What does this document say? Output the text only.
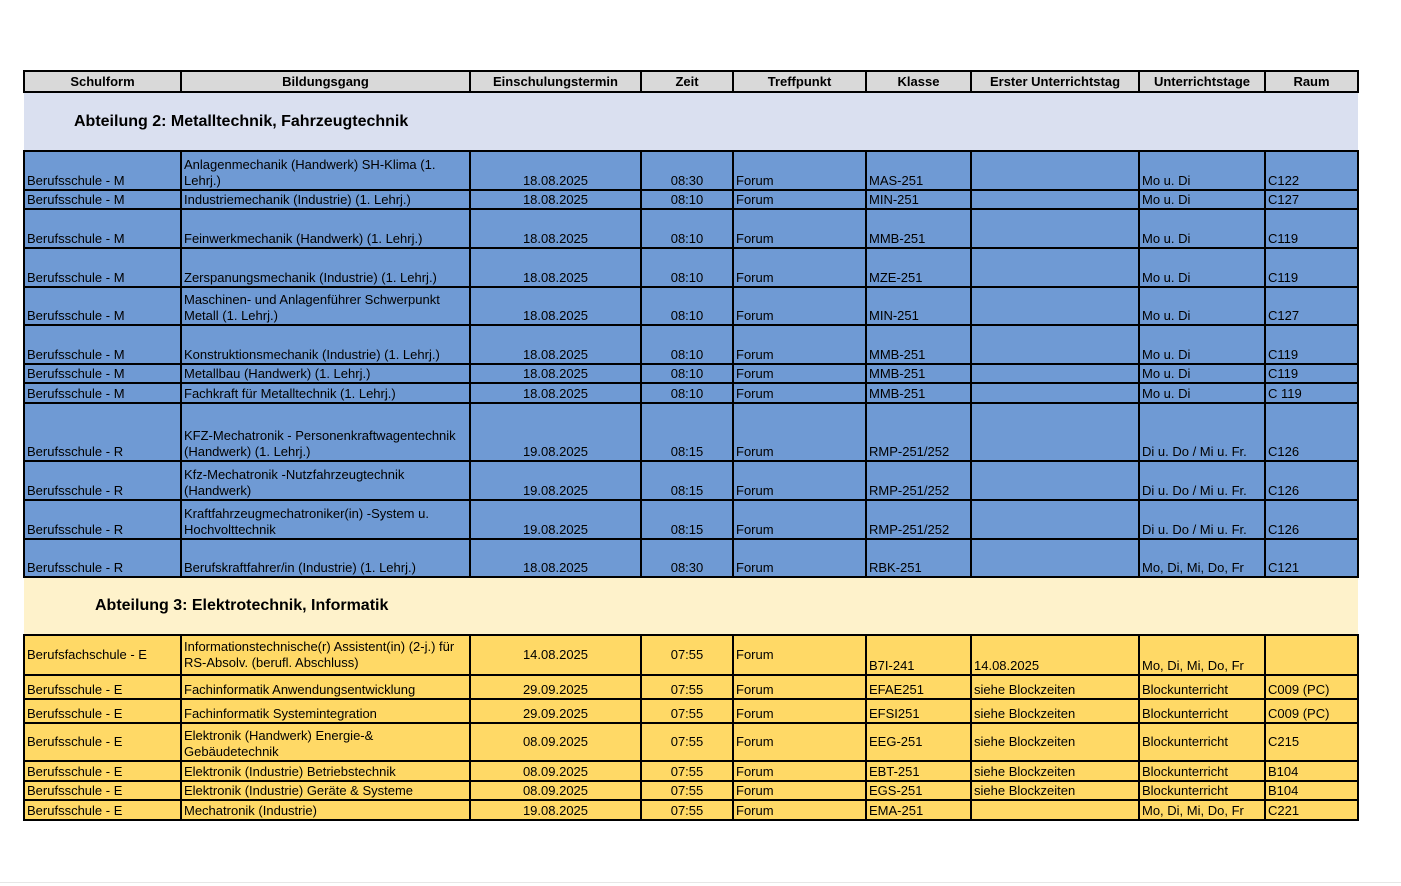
Schulform	Bildungsgang	Einschulungstermin	Zeit	Treffpunkt	Klasse	Erster Unterrichtstag	Unterrichtstage	Raum
Abteilung 2: Metalltechnik, Fahrzeugtechnik								
Berufsschule - M	Anlagenmechanik (Handwerk) SH-Klima (1. Lehrj.)	18.08.2025	08:30	Forum	MAS-251		Mo u. Di	C122
Berufsschule - M	Industriemechanik (Industrie) (1. Lehrj.)	18.08.2025	08:10	Forum	MIN-251		Mo u. Di	C127
Berufsschule - M	Feinwerkmechanik (Handwerk) (1. Lehrj.)	18.08.2025	08:10	Forum	MMB-251		Mo u. Di	C119
Berufsschule - M	Zerspanungsmechanik (Industrie) (1. Lehrj.)	18.08.2025	08:10	Forum	MZE-251		Mo u. Di	C119
Berufsschule - M	Maschinen- und Anlagenführer Schwerpunkt Metall (1. Lehrj.)	18.08.2025	08:10	Forum	MIN-251		Mo u. Di	C127
Berufsschule - M	Konstruktionsmechanik (Industrie) (1. Lehrj.)	18.08.2025	08:10	Forum	MMB-251		Mo u. Di	C119
Berufsschule - M	Metallbau (Handwerk) (1. Lehrj.)	18.08.2025	08:10	Forum	MMB-251		Mo u. Di	C119
Berufsschule - M	Fachkraft für Metalltechnik (1. Lehrj.)	18.08.2025	08:10	Forum	MMB-251		Mo u. Di	C 119
Berufsschule - R	KFZ-Mechatronik - Personenkraftwagentechnik (Handwerk) (1. Lehrj.)	19.08.2025	08:15	Forum	RMP-251/252		Di u. Do / Mi u. Fr.	C126
Berufsschule - R	Kfz-Mechatronik -Nutzfahrzeugtechnik (Handwerk)	19.08.2025	08:15	Forum	RMP-251/252		Di u. Do / Mi u. Fr.	C126
Berufsschule - R	Kraftfahrzeugmechatroniker(in) -System u. Hochvolttechnik	19.08.2025	08:15	Forum	RMP-251/252		Di u. Do / Mi u. Fr.	C126
Berufsschule - R	Berufskraftfahrer/in (Industrie) (1. Lehrj.)	18.08.2025	08:30	Forum	RBK-251		Mo, Di, Mi, Do, Fr	C121
Abteilung 3: Elektrotechnik, Informatik								
Berufsfachschule - E	Informationstechnische(r) Assistent(in) (2-j.) für RS-Absolv. (berufl. Abschluss)	14.08.2025	07:55	Forum	B7I-241	14.08.2025	Mo, Di, Mi, Do, Fr	
Berufsschule - E	Fachinformatik Anwendungsentwicklung	29.09.2025	07:55	Forum	EFAE251	siehe Blockzeiten	Blockunterricht	C009 (PC)
Berufsschule - E	Fachinformatik Systemintegration	29.09.2025	07:55	Forum	EFSI251	siehe Blockzeiten	Blockunterricht	C009 (PC)
Berufsschule - E	Elektronik (Handwerk) Energie-& Gebäudetechnik	08.09.2025	07:55	Forum	EEG-251	siehe Blockzeiten	Blockunterricht	C215
Berufsschule - E	Elektronik (Industrie) Betriebstechnik	08.09.2025	07:55	Forum	EBT-251	siehe Blockzeiten	Blockunterricht	B104
Berufsschule - E	Elektronik (Industrie) Geräte & Systeme	08.09.2025	07:55	Forum	EGS-251	siehe Blockzeiten	Blockunterricht	B104
Berufsschule - E	Mechatronik (Industrie)	19.08.2025	07:55	Forum	EMA-251		Mo, Di, Mi, Do, Fr	C221
